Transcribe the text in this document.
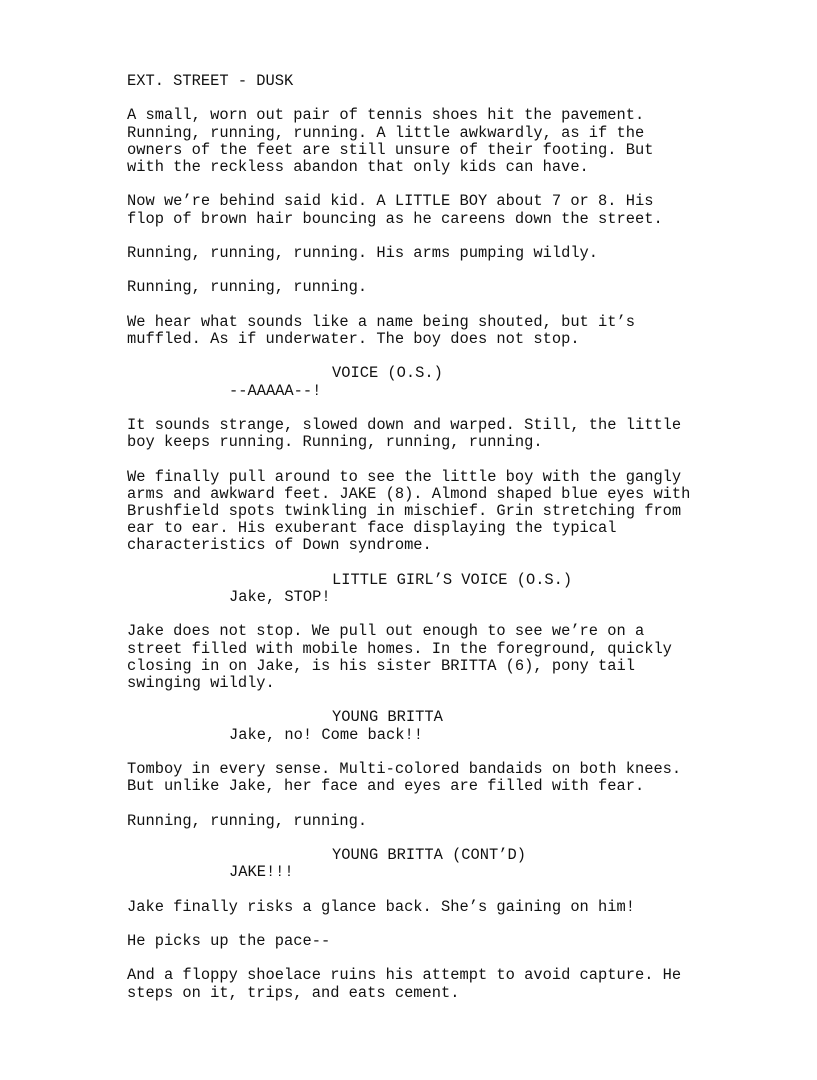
EXT. STREET - DUSK
A small, worn out pair of tennis shoes hit the pavement.
Running, running, running. A little awkwardly, as if the
owners of the feet are still unsure of their footing. But
with the reckless abandon that only kids can have.
Now we’re behind said kid. A LITTLE BOY about 7 or 8. His
flop of brown hair bouncing as he careens down the street.
Running, running, running. His arms pumping wildly.
Running, running, running.
We hear what sounds like a name being shouted, but it’s
muffled. As if underwater. The boy does not stop.
VOICE (O.S.)
--AAAAA--!
It sounds strange, slowed down and warped. Still, the little
boy keeps running. Running, running, running.
We finally pull around to see the little boy with the gangly
arms and awkward feet. JAKE (8). Almond shaped blue eyes with
Brushfield spots twinkling in mischief. Grin stretching from
ear to ear. His exuberant face displaying the typical
characteristics of Down syndrome.
LITTLE GIRL’S VOICE (O.S.)
Jake, STOP!
Jake does not stop. We pull out enough to see we’re on a
street filled with mobile homes. In the foreground, quickly
closing in on Jake, is his sister BRITTA (6), pony tail
swinging wildly.
YOUNG BRITTA
Jake, no! Come back!!
Tomboy in every sense. Multi-colored bandaids on both knees.
But unlike Jake, her face and eyes are filled with fear.
Running, running, running.
YOUNG BRITTA (CONT’D)
JAKE!!!
Jake finally risks a glance back. She’s gaining on him!
He picks up the pace--
And a floppy shoelace ruins his attempt to avoid capture. He
steps on it, trips, and eats cement.
